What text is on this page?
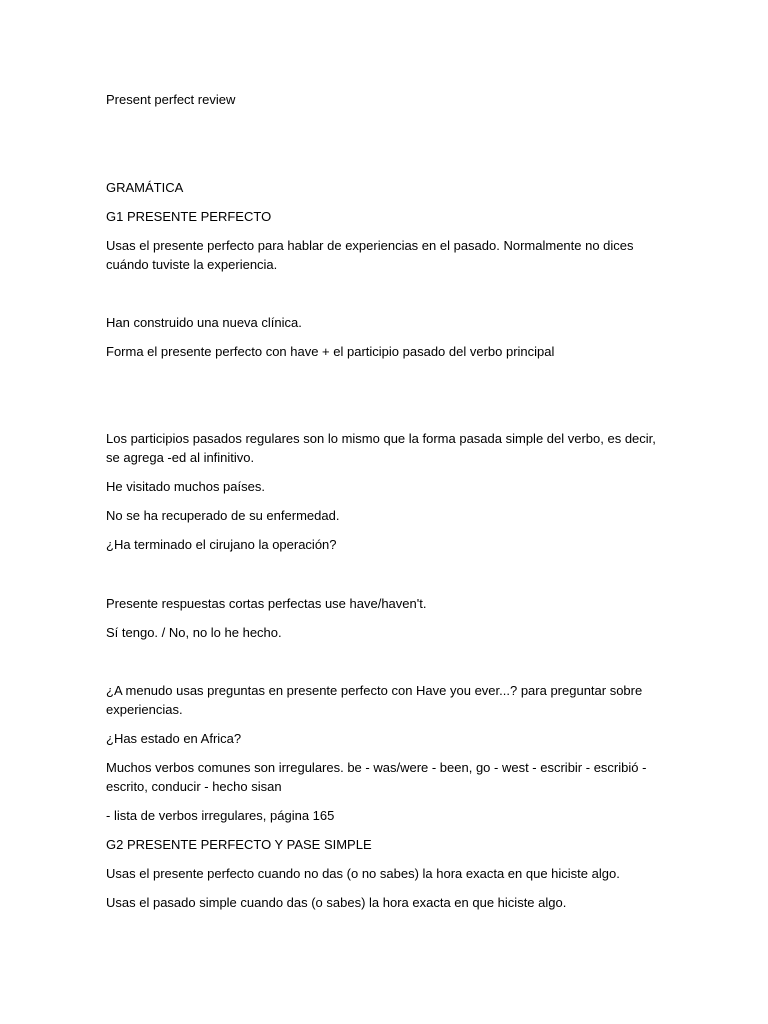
Present perfect review
GRAMÁTICA
G1 PRESENTE PERFECTO
Usas el presente perfecto para hablar de experiencias en el pasado. Normalmente no dices cuándo tuviste la experiencia.
Han construido una nueva clínica.
Forma el presente perfecto con have + el participio pasado del verbo principal
Los participios pasados regulares son lo mismo que la forma pasada simple del verbo, es decir, se agrega -ed al infinitivo.
He visitado muchos países.
No se ha recuperado de su enfermedad.
¿Ha terminado el cirujano la operación?
Presente respuestas cortas perfectas use have/haven't.
Sí tengo. / No, no lo he hecho.
¿A menudo usas preguntas en presente perfecto con Have you ever...? para preguntar sobre experiencias.
¿Has estado en Africa?
Muchos verbos comunes son irregulares. be - was/were - been, go - west - escribir - escribió - escrito, conducir - hecho sisan
- lista de verbos irregulares, página 165
G2 PRESENTE PERFECTO Y PASE SIMPLE
Usas el presente perfecto cuando no das (o no sabes) la hora exacta en que hiciste algo.
Usas el pasado simple cuando das (o sabes) la hora exacta en que hiciste algo.
